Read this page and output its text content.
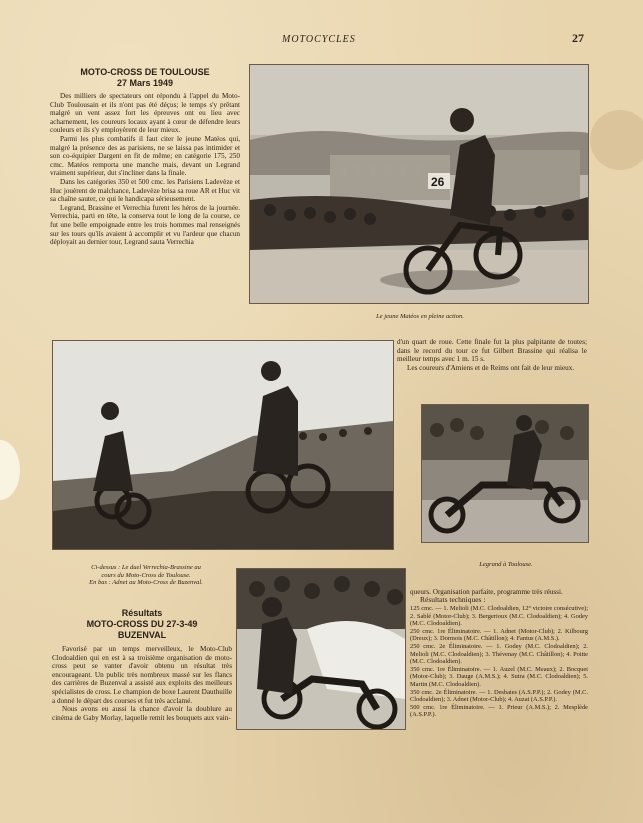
MOTOCYCLES	27
MOTO-CROSS DE TOULOUSE
27 Mars 1949

Des milliers de spectateurs ont répondu à l'appel du Moto-Club Toulousain et ils n'ont pas été déçus; le temps s'y prêtant malgré un vent assez fort les épreuves ont eu lieu avec acharnement, les coureurs locaux ayant à cœur de défendre leurs couleurs et ils s'y employèrent de leur mieux.

Parmi les plus combatifs il faut citer le jeune Matéos qui, malgré la présence des as parisiens, ne se laissa pas intimider et son co-équipier Dargent en fit de même; en catégorie 175, 250 cmc. Matéos remporta une manche mais, devant un Legrand vraiment supérieur, dut s'incliner dans la finale.

Dans les catégories 350 et 500 cmc. les Parisiens Ladevèze et Huc jouèrent de malchance, Ladevèze brisa sa roue AR et Huc vit sa chaîne sauter, ce qui le handicapa sérieusement.

Legrand, Brassine et Verrechia furent les héros de la journée. Verrechia, parti en tête, la conserva tout le long de la course, ce fut une belle empoignade entre les trois hommes mal renseignés sur les tours qu'ils avaient à accomplir et vu l'ardeur que chacun déployait au dernier tour, Legrand sauta Verrechia

26
Le jeune Matéos en pleine action.

d'un quart de roue. Cette finale fut la plus palpitante de toutes; dans le record du tour ce fut Gilbert Brassine qui réalisa le meilleur temps avec 1 m. 15 s.

Les coureurs d'Amiens et de Reims ont fait de leur mieux.

Legrand à Toulouse.
Ci-dessus : Le duel Verrechia-Brassine au
cours du Moto-Cross de Toulouse.
En bas : Adnet au Moto-Cross de Buzenval.
Résultats
MOTO-CROSS DU 27-3-49
BUZENVAL

Favorisé par un temps merveilleux, le Moto-Club Clodoaldien qui en est à sa troisième organisation de moto-cross peut se vanter d'avoir obtenu un résultat très encourageant. Un public très nombreux massé sur les flancs des carrières de Buzenval a assisté aux exploits des meilleurs spécialistes de cross. Le champion de boxe Laurent Dauthuille a donné le départ des courses et fut très acclamé.

Nous avons eu aussi la chance d'avoir la doublure au cinéma de Gaby Morlay, laquelle remit les bouquets aux vain-

queurs. Organisation parfaite, programme très réussi.

Résultats techniques :

125 cmc. — 1. Melioli (M.C. Clodoaldien, 12° victoire consécutive); 2. Sablé (Motor-Club); 3. Bergerioux (M.C. Clodoaldien); 4. Godey (M.C. Clodoaldien).

250 cmc. 1re Éliminatoire. — 1. Adnet (Motor-Club); 2. Kilbourg (Dreux); 3. Dormois (M.C. Châtillon); 4. Fantus (A.M.S.).

250 cmc. 2e Éliminatoire. — 1. Godey (M.C. Clodoaldien); 2. Melioli (M.C. Clodoaldien); 3. Thévenay (M.C. Châtillon); 4. Poitte (M.C. Clodoaldien).

350 cmc. 1re Éliminatoire. — 1. Auzel (M.C. Meaux); 2. Bocquet (Motor-Club); 3. Dauge (A.M.S.); 4. Sutra (M.C. Clodoaldien); 5. Martin (M.C. Clodoaldien).

350 cmc. 2e Éliminatoire. — 1. Desbaies (A.S.P.P.); 2. Godey (M.C. Clodoaldien); 3. Adnet (Motor-Club); 4. Auzat (A.S.P.P.).

500 cmc. 1re Éliminatoire. — 1. Prieur (A.M.S.); 2. Mesplède (A.S.P.P.).
